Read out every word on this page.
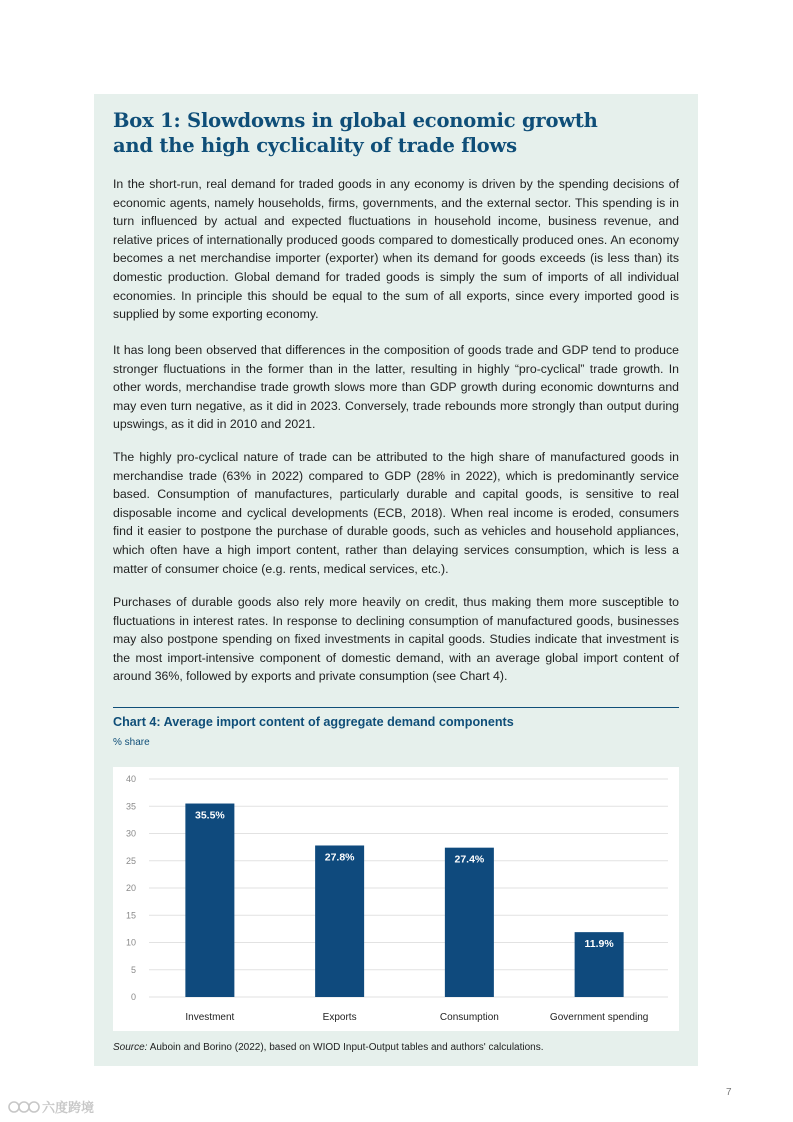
Box 1: Slowdowns in global economic growth
and the high cyclicality of trade flows

In the short-run, real demand for traded goods in any economy is driven by the spending decisions of economic agents, namely households, firms, governments, and the external sector. This spending is in turn influenced by actual and expected fluctuations in household income, business revenue, and relative prices of internationally produced goods compared to domestically produced ones. An economy becomes a net merchandise importer (exporter) when its demand for goods exceeds (is less than) its domestic production. Global demand for traded goods is simply the sum of imports of all individual economies. In principle this should be equal to the sum of all exports, since every imported good is supplied by some exporting economy.

It has long been observed that differences in the composition of goods trade and GDP tend to produce stronger fluctuations in the former than in the latter, resulting in highly “pro-cyclical” trade growth. In other words, merchandise trade growth slows more than GDP growth during economic downturns and may even turn negative, as it did in 2023. Conversely, trade rebounds more strongly than output during upswings, as it did in 2010 and 2021.

The highly pro-cyclical nature of trade can be attributed to the high share of manufactured goods in merchandise trade (63% in 2022) compared to GDP (28% in 2022), which is predominantly service based. Consumption of manufactures, particularly durable and capital goods, is sensitive to real disposable income and cyclical developments (ECB, 2018). When real income is eroded, consumers find it easier to postpone the purchase of durable goods, such as vehicles and household appliances, which often have a high import content, rather than delaying services consumption, which is less a matter of consumer choice (e.g. rents, medical services, etc.).

Purchases of durable goods also rely more heavily on credit, thus making them more susceptible to fluctuations in interest rates. In response to declining consumption of manufactured goods, businesses may also postpone spending on fixed investments in capital goods. Studies indicate that investment is the most import-intensive component of domestic demand, with an average global import content of around 36%, followed by exports and private consumption (see Chart 4).

Chart 4: Average import content of aggregate demand components
% share
0
5
10
15
20
25
30
35
40
35.5%
Investment
27.8%
Exports
27.4%
Consumption
11.9%
Government spending
Source: Auboin and Borino (2022), based on WIOD Input-Output tables and authors' calculations.
7
六度跨境
